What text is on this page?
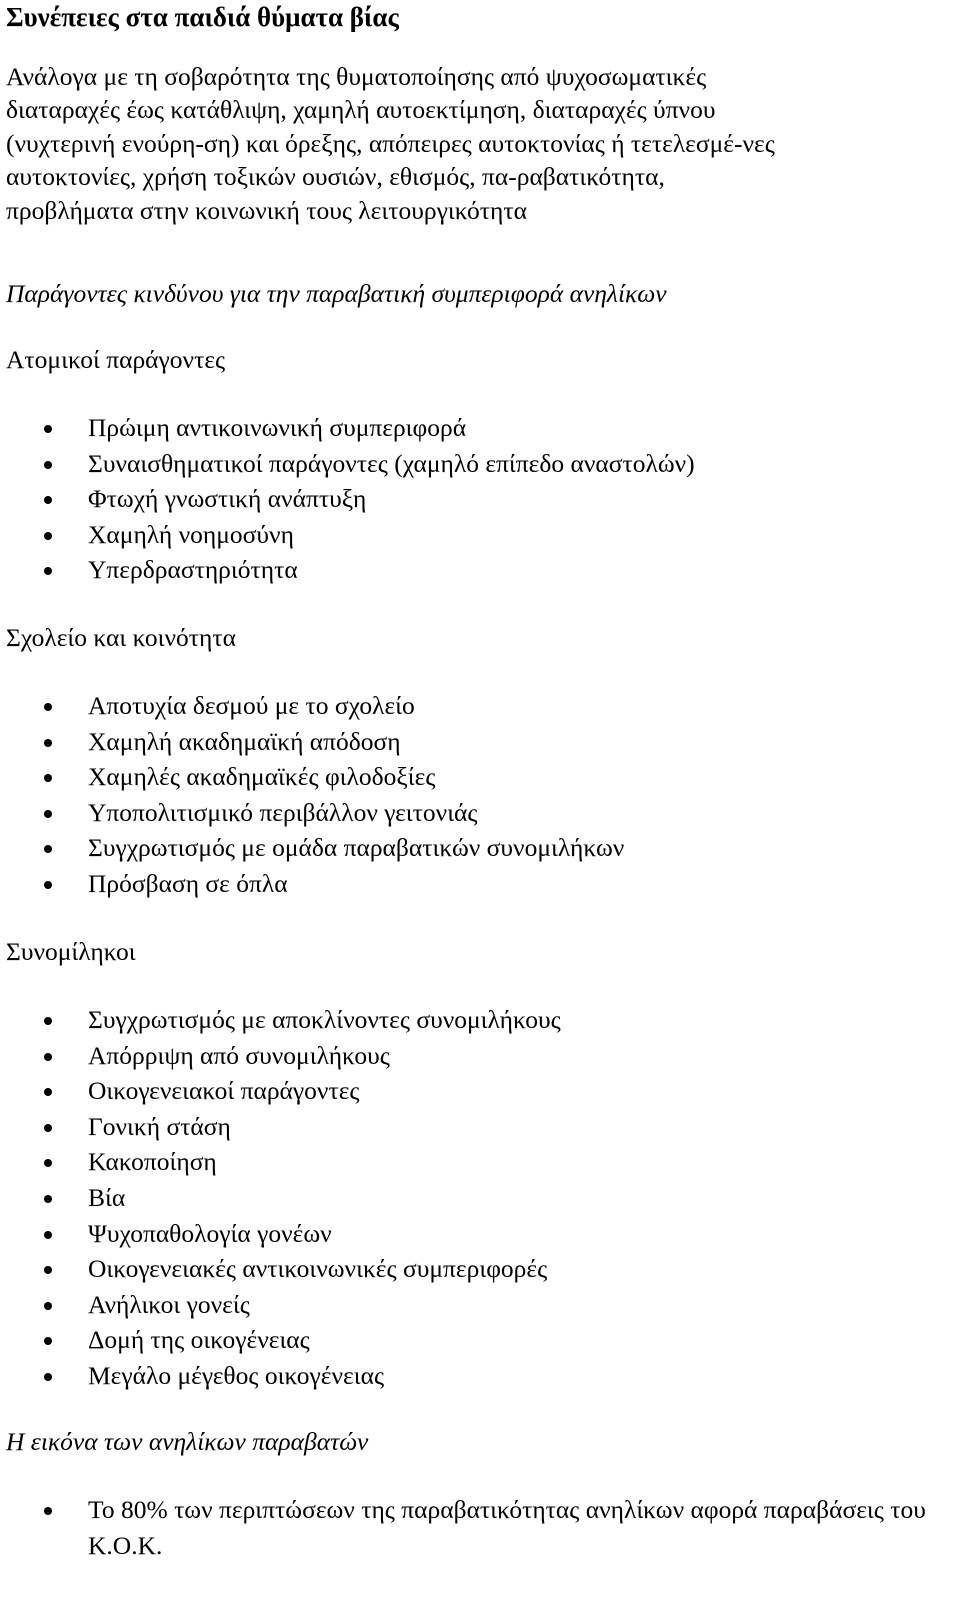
Συνέπειες στα παιδιά θύματα βίας
Ανάλογα με τη σοβαρότητα της θυματοποίησης από ψυχοσωματικές
διαταραχές έως κατάθλιψη, χαμηλή αυτοεκτίμηση, διαταραχές ύπνου
(νυχτερινή ενούρη-ση) και όρεξης, απόπειρες αυτοκτονίας ή τετελεσμέ-νες
αυτοκτονίες, χρήση τοξικών ουσιών, εθισμός, πα-ραβατικότητα,
προβλήματα στην κοινωνική τους λειτουργικότητα
Παράγοντες κινδύνου για την παραβατική συμπεριφορά ανηλίκων
Ατομικοί παράγοντες
Πρώιμη αντικοινωνική συμπεριφορά
Συναισθηματικοί παράγοντες (χαμηλό επίπεδο αναστολών)
Φτωχή γνωστική ανάπτυξη
Χαμηλή νοημοσύνη
Υπερδραστηριότητα
Σχολείο και κοινότητα
Αποτυχία δεσμού με το σχολείο
Χαμηλή ακαδημαϊκή απόδοση
Χαμηλές ακαδημαϊκές φιλοδοξίες
Υποπολιτισμικό περιβάλλον γειτονιάς
Συγχρωτισμός με ομάδα παραβατικών συνομιλήκων
Πρόσβαση σε όπλα
Συνομίληκοι
Συγχρωτισμός με αποκλίνοντες συνομιλήκους
Απόρριψη από συνομιλήκους
Οικογενειακοί παράγοντες
Γονική στάση
Κακοποίηση
Βία
Ψυχοπαθολογία γονέων
Οικογενειακές αντικοινωνικές συμπεριφορές
Ανήλικοι γονείς
Δομή της οικογένειας
Μεγάλο μέγεθος οικογένειας
Η εικόνα των ανηλίκων παραβατών
Το 80% των περιπτώσεων της παραβατικότητας ανηλίκων αφορά παραβάσεις του Κ.Ο.Κ.
